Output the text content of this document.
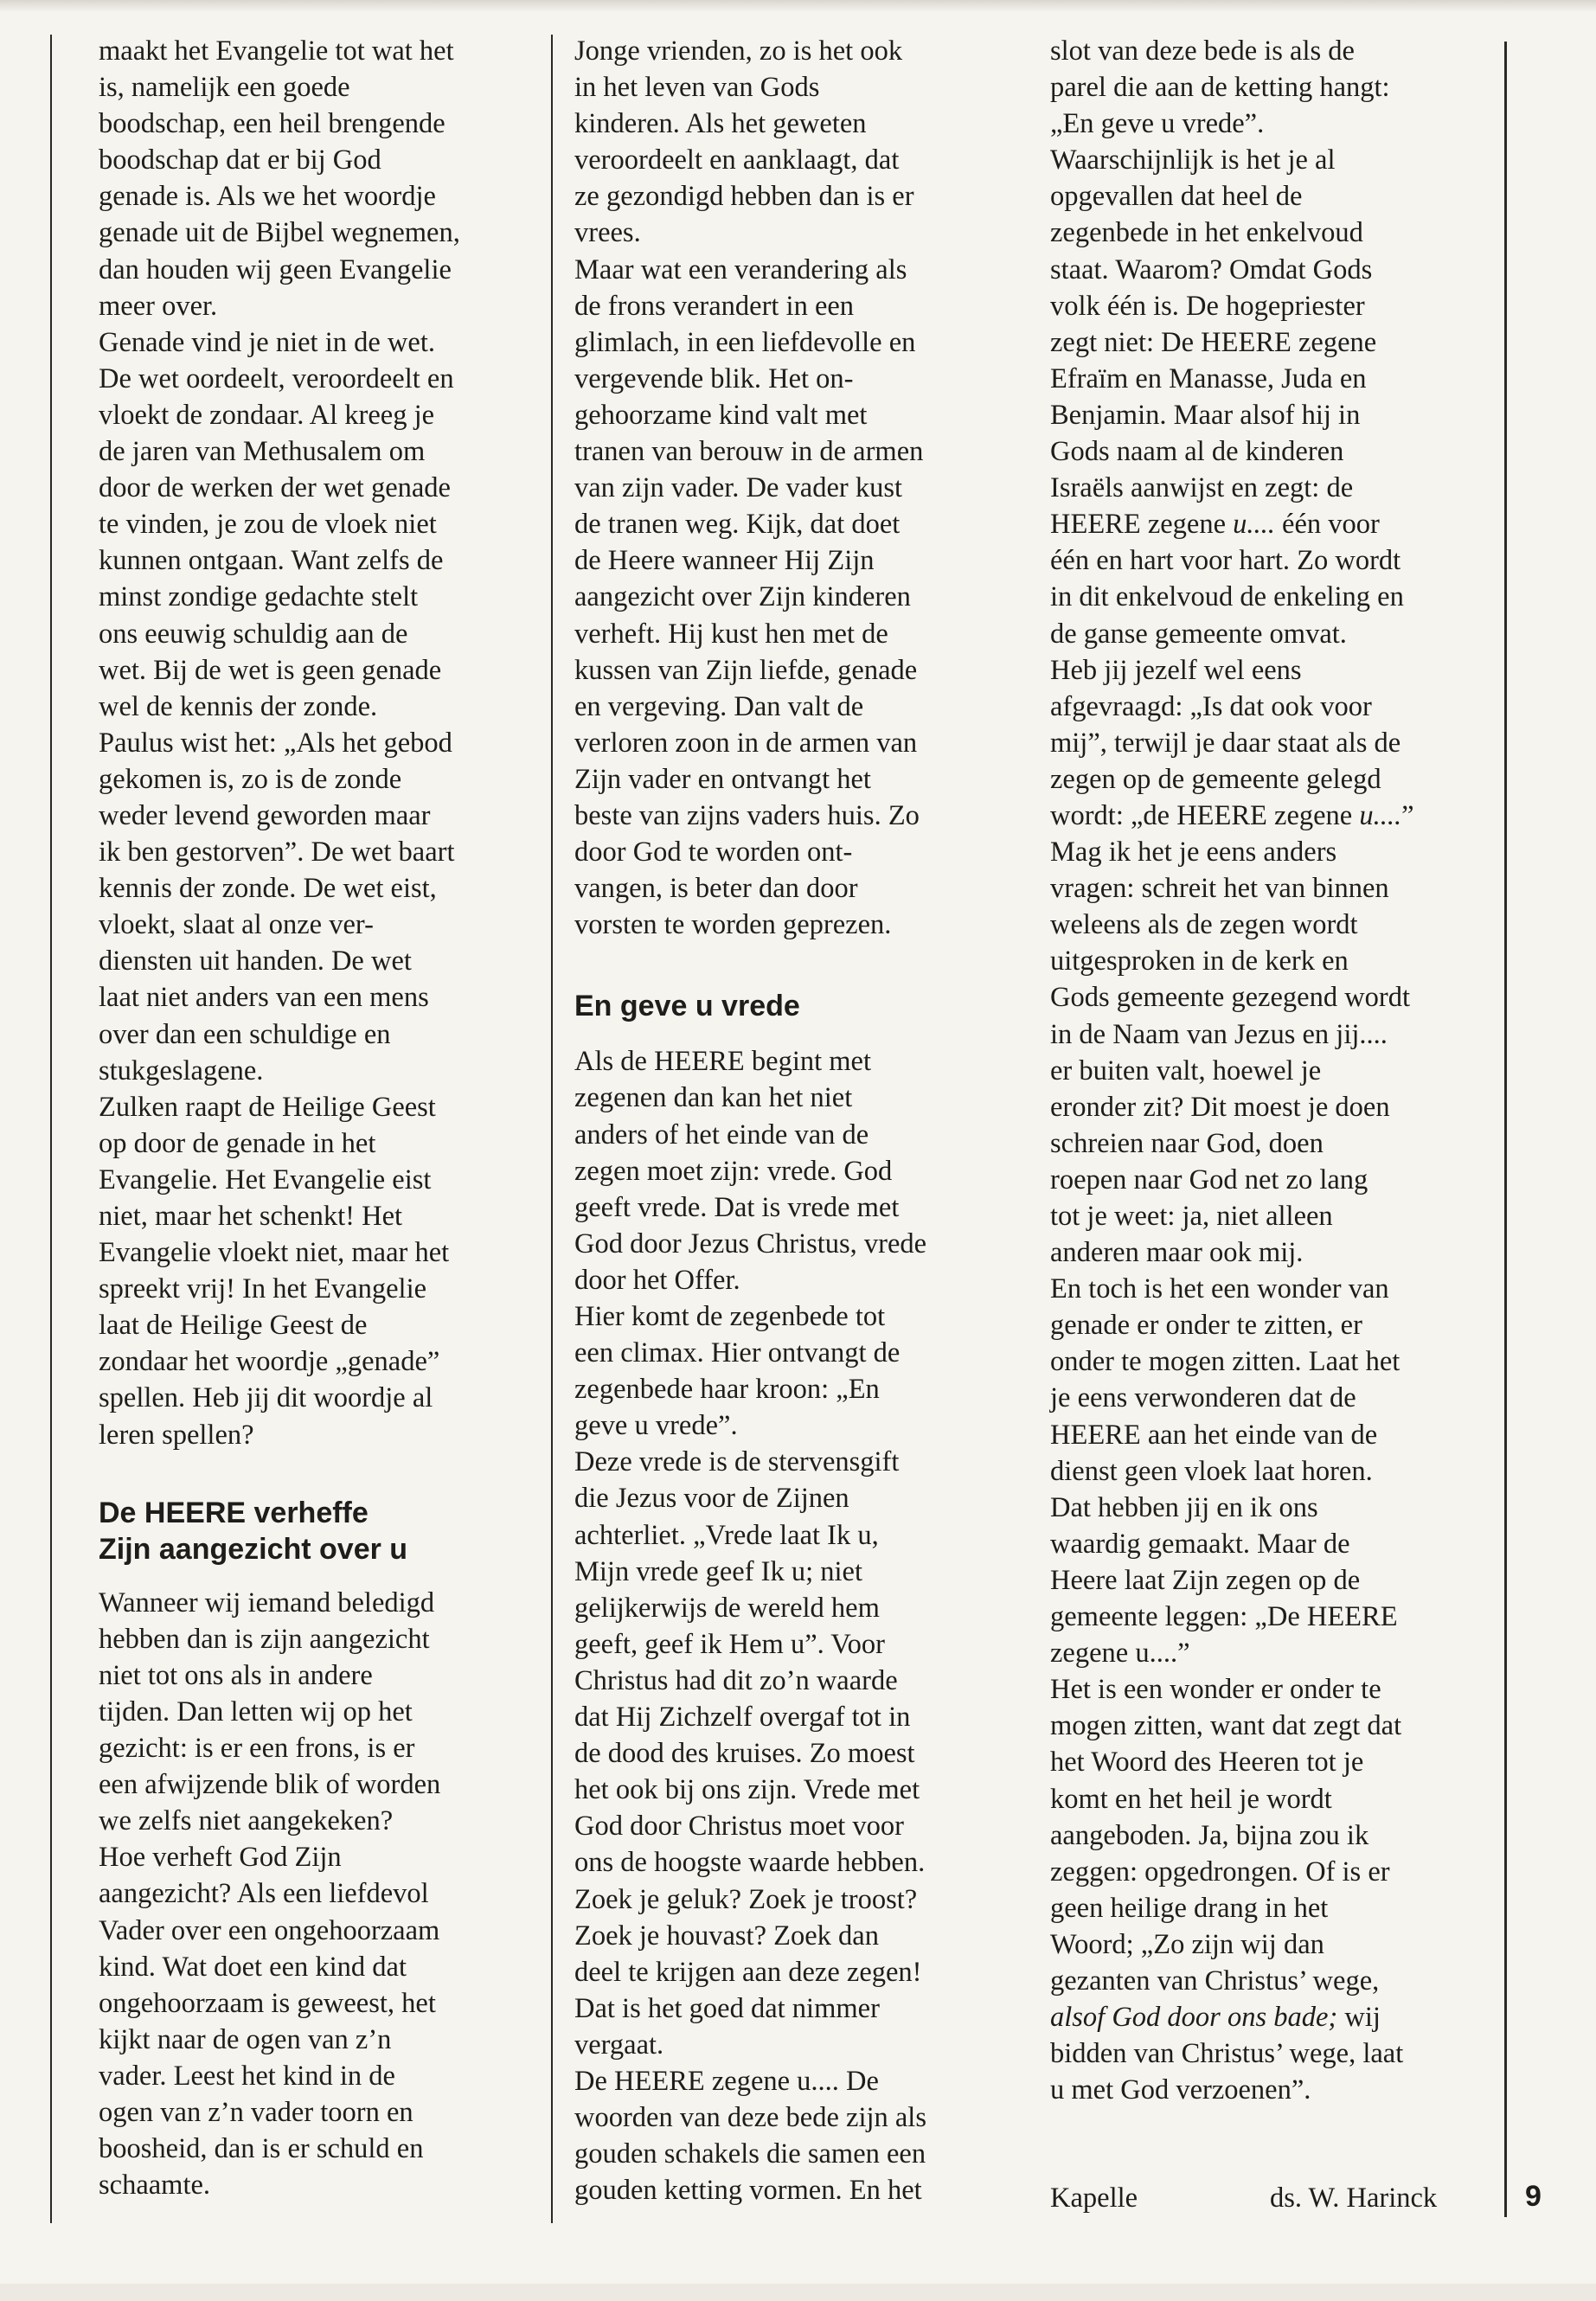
maakt het Evangelie tot wat het

is, namelijk een goede

boodschap, een heil brengende

boodschap dat er bij God

genade is. Als we het woordje

genade uit de Bijbel wegnemen,

dan houden wij geen Evangelie

meer over.

Genade vind je niet in de wet.

De wet oordeelt, veroordeelt en

vloekt de zondaar. Al kreeg je

de jaren van Methusalem om

door de werken der wet genade

te vinden, je zou de vloek niet

kunnen ontgaan. Want zelfs de

minst zondige gedachte stelt

ons eeuwig schuldig aan de

wet. Bij de wet is geen genade

wel de kennis der zonde.

Paulus wist het: „Als het gebod

gekomen is, zo is de zonde

weder levend geworden maar

ik ben gestorven”. De wet baart

kennis der zonde. De wet eist,

vloekt, slaat al onze ver-

diensten uit handen. De wet

laat niet anders van een mens

over dan een schuldige en

stukgeslagene.

Zulken raapt de Heilige Geest

op door de genade in het

Evangelie. Het Evangelie eist

niet, maar het schenkt! Het

Evangelie vloekt niet, maar het

spreekt vrij! In het Evangelie

laat de Heilige Geest de

zondaar het woordje „genade”

spellen. Heb jij dit woordje al

leren spellen?

De HEERE verheffe
Zijn aangezicht over u

Wanneer wij iemand beledigd

hebben dan is zijn aangezicht

niet tot ons als in andere

tijden. Dan letten wij op het

gezicht: is er een frons, is er

een afwijzende blik of worden

we zelfs niet aangekeken?

Hoe verheft God Zijn

aangezicht? Als een liefdevol

Vader over een ongehoorzaam

kind. Wat doet een kind dat

ongehoorzaam is geweest, het

kijkt naar de ogen van z’n

vader. Leest het kind in de

ogen van z’n vader toorn en

boosheid, dan is er schuld en

schaamte.

Jonge vrienden, zo is het ook

in het leven van Gods

kinderen. Als het geweten

veroordeelt en aanklaagt, dat

ze gezondigd hebben dan is er

vrees.

Maar wat een verandering als

de frons verandert in een

glimlach, in een liefdevolle en

vergevende blik. Het on-

gehoorzame kind valt met

tranen van berouw in de armen

van zijn vader. De vader kust

de tranen weg. Kijk, dat doet

de Heere wanneer Hij Zijn

aangezicht over Zijn kinderen

verheft. Hij kust hen met de

kussen van Zijn liefde, genade

en vergeving. Dan valt de

verloren zoon in de armen van

Zijn vader en ontvangt het

beste van zijns vaders huis. Zo

door God te worden ont-

vangen, is beter dan door

vorsten te worden geprezen.

En geve u vrede

Als de HEERE begint met

zegenen dan kan het niet

anders of het einde van de

zegen moet zijn: vrede. God

geeft vrede. Dat is vrede met

God door Jezus Christus, vrede

door het Offer.

Hier komt de zegenbede tot

een climax. Hier ontvangt de

zegenbede haar kroon: „En

geve u vrede”.

Deze vrede is de stervensgift

die Jezus voor de Zijnen

achterliet. „Vrede laat Ik u,

Mijn vrede geef Ik u; niet

gelijkerwijs de wereld hem

geeft, geef ik Hem u”. Voor

Christus had dit zo’n waarde

dat Hij Zichzelf overgaf tot in

de dood des kruises. Zo moest

het ook bij ons zijn. Vrede met

God door Christus moet voor

ons de hoogste waarde hebben.

Zoek je geluk? Zoek je troost?

Zoek je houvast? Zoek dan

deel te krijgen aan deze zegen!

Dat is het goed dat nimmer

vergaat.

De HEERE zegene u.... De

woorden van deze bede zijn als

gouden schakels die samen een

gouden ketting vormen. En het

slot van deze bede is als de

parel die aan de ketting hangt:

„En geve u vrede”.

Waarschijnlijk is het je al

opgevallen dat heel de

zegenbede in het enkelvoud

staat. Waarom? Omdat Gods

volk één is. De hogepriester

zegt niet: De HEERE zegene

Efraïm en Manasse, Juda en

Benjamin. Maar alsof hij in

Gods naam al de kinderen

Israëls aanwijst en zegt: de

HEERE zegene u.... één voor

één en hart voor hart. Zo wordt

in dit enkelvoud de enkeling en

de ganse gemeente omvat.

Heb jij jezelf wel eens

afgevraagd: „Is dat ook voor

mij”, terwijl je daar staat als de

zegen op de gemeente gelegd

wordt: „de HEERE zegene u....”

Mag ik het je eens anders

vragen: schreit het van binnen

weleens als de zegen wordt

uitgesproken in de kerk en

Gods gemeente gezegend wordt

in de Naam van Jezus en jij....

er buiten valt, hoewel je

eronder zit? Dit moest je doen

schreien naar God, doen

roepen naar God net zo lang

tot je weet: ja, niet alleen

anderen maar ook mij.

En toch is het een wonder van

genade er onder te zitten, er

onder te mogen zitten. Laat het

je eens verwonderen dat de

HEERE aan het einde van de

dienst geen vloek laat horen.

Dat hebben jij en ik ons

waardig gemaakt. Maar de

Heere laat Zijn zegen op de

gemeente leggen: „De HEERE

zegene u....”

Het is een wonder er onder te

mogen zitten, want dat zegt dat

het Woord des Heeren tot je

komt en het heil je wordt

aangeboden. Ja, bijna zou ik

zeggen: opgedrongen. Of is er

geen heilige drang in het

Woord; „Zo zijn wij dan

gezanten van Christus’ wege,

alsof God door ons bade; wij

bidden van Christus’ wege, laat

u met God verzoenen”.

Kapelle	ds. W. Harinck	9
